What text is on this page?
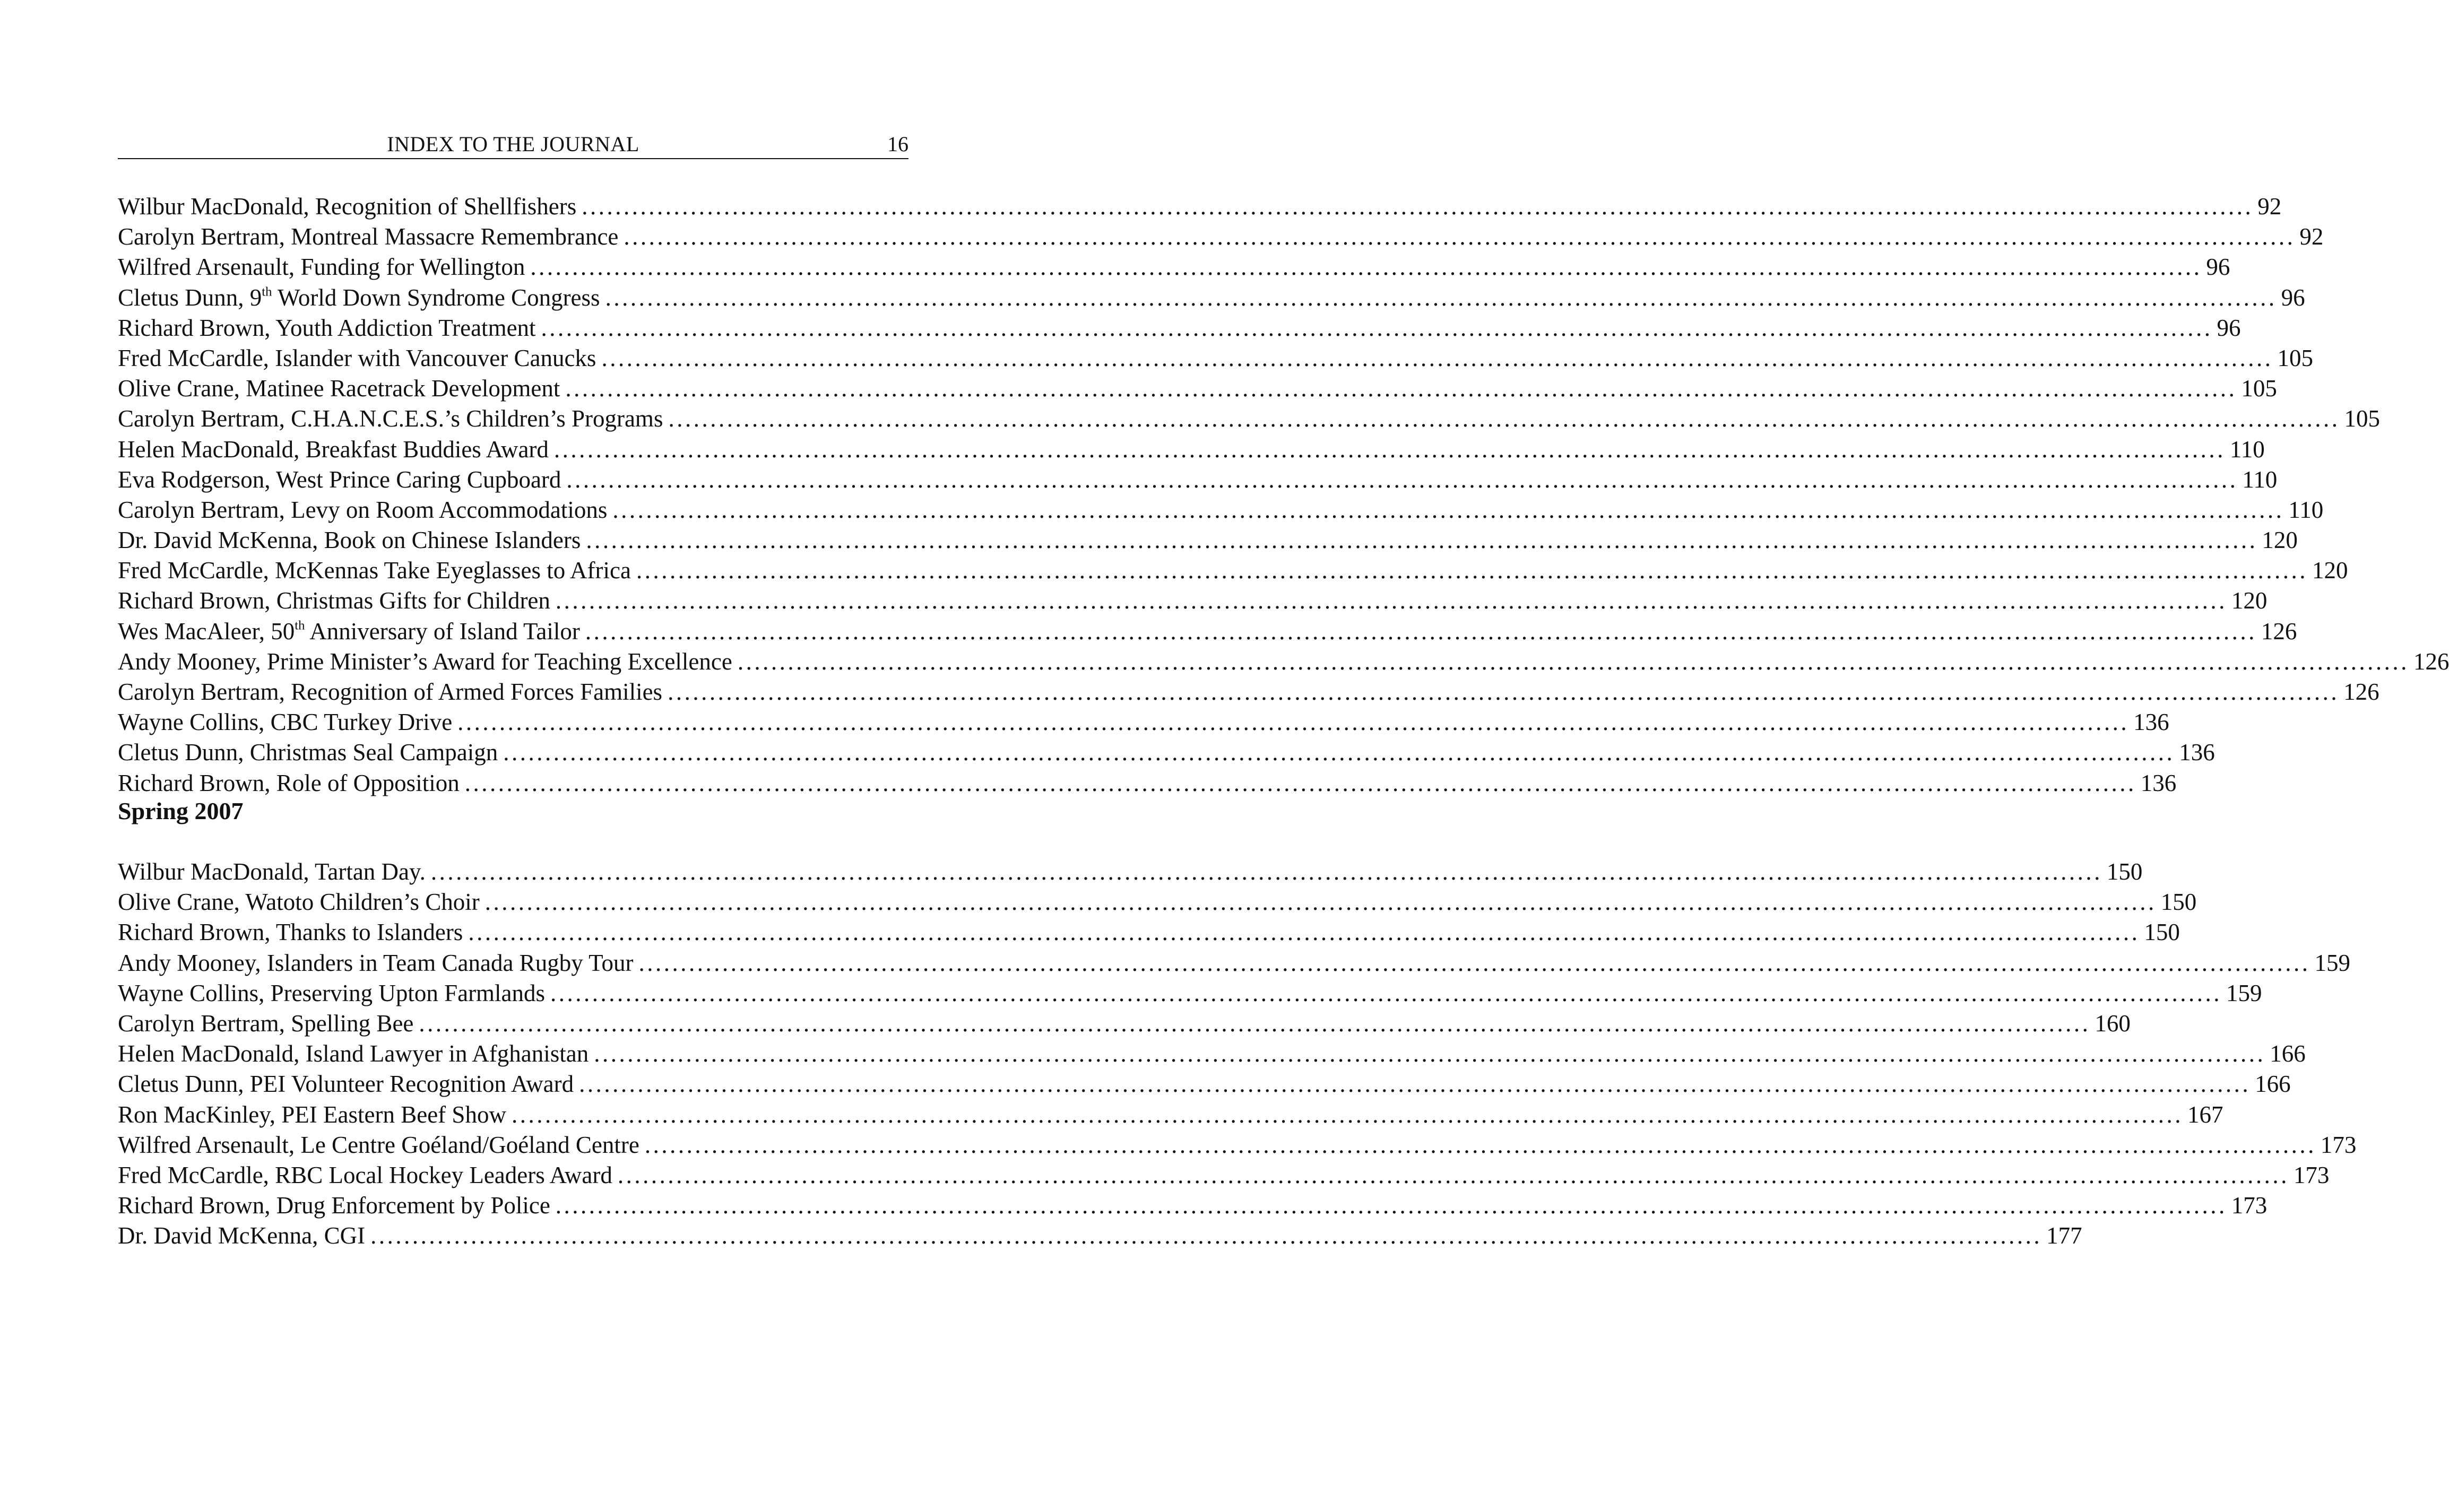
INDEX TO THE JOURNAL	16
Wilbur MacDonald, Recognition of Shellfishers ........................................................................................................................................................................................................ 92
Carolyn Bertram, Montreal Massacre Remembrance ........................................................................................................................................................................................................ 92
Wilfred Arsenault, Funding for Wellington ........................................................................................................................................................................................................ 96
Cletus Dunn, 9th World Down Syndrome Congress ........................................................................................................................................................................................................ 96
Richard Brown, Youth Addiction Treatment ........................................................................................................................................................................................................ 96
Fred McCardle, Islander with Vancouver Canucks ........................................................................................................................................................................................................ 105
Olive Crane, Matinee Racetrack Development ........................................................................................................................................................................................................ 105
Carolyn Bertram, C.H.A.N.C.E.S.’s Children’s Programs ........................................................................................................................................................................................................ 105
Helen MacDonald, Breakfast Buddies Award ........................................................................................................................................................................................................ 110
Eva Rodgerson, West Prince Caring Cupboard ........................................................................................................................................................................................................ 110
Carolyn Bertram, Levy on Room Accommodations ........................................................................................................................................................................................................ 110
Dr. David McKenna, Book on Chinese Islanders ........................................................................................................................................................................................................ 120
Fred McCardle, McKennas Take Eyeglasses to Africa ........................................................................................................................................................................................................ 120
Richard Brown, Christmas Gifts for Children ........................................................................................................................................................................................................ 120
Wes MacAleer, 50th Anniversary of Island Tailor ........................................................................................................................................................................................................ 126
Andy Mooney, Prime Minister’s Award for Teaching Excellence ........................................................................................................................................................................................................ 126
Carolyn Bertram, Recognition of Armed Forces Families ........................................................................................................................................................................................................ 126
Wayne Collins, CBC Turkey Drive ........................................................................................................................................................................................................ 136
Cletus Dunn, Christmas Seal Campaign ........................................................................................................................................................................................................ 136
Richard Brown, Role of Opposition ........................................................................................................................................................................................................ 136
Spring 2007
Wilbur MacDonald, Tartan Day. ........................................................................................................................................................................................................ 150
Olive Crane, Watoto Children’s Choir ........................................................................................................................................................................................................ 150
Richard Brown, Thanks to Islanders ........................................................................................................................................................................................................ 150
Andy Mooney, Islanders in Team Canada Rugby Tour ........................................................................................................................................................................................................ 159
Wayne Collins, Preserving Upton Farmlands ........................................................................................................................................................................................................ 159
Carolyn Bertram, Spelling Bee ........................................................................................................................................................................................................ 160
Helen MacDonald, Island Lawyer in Afghanistan ........................................................................................................................................................................................................ 166
Cletus Dunn, PEI Volunteer Recognition Award ........................................................................................................................................................................................................ 166
Ron MacKinley, PEI Eastern Beef Show ........................................................................................................................................................................................................ 167
Wilfred Arsenault, Le Centre Goéland/Goéland Centre ........................................................................................................................................................................................................ 173
Fred McCardle, RBC Local Hockey Leaders Award ........................................................................................................................................................................................................ 173
Richard Brown, Drug Enforcement by Police ........................................................................................................................................................................................................ 173
Dr. David McKenna, CGI ........................................................................................................................................................................................................ 177
